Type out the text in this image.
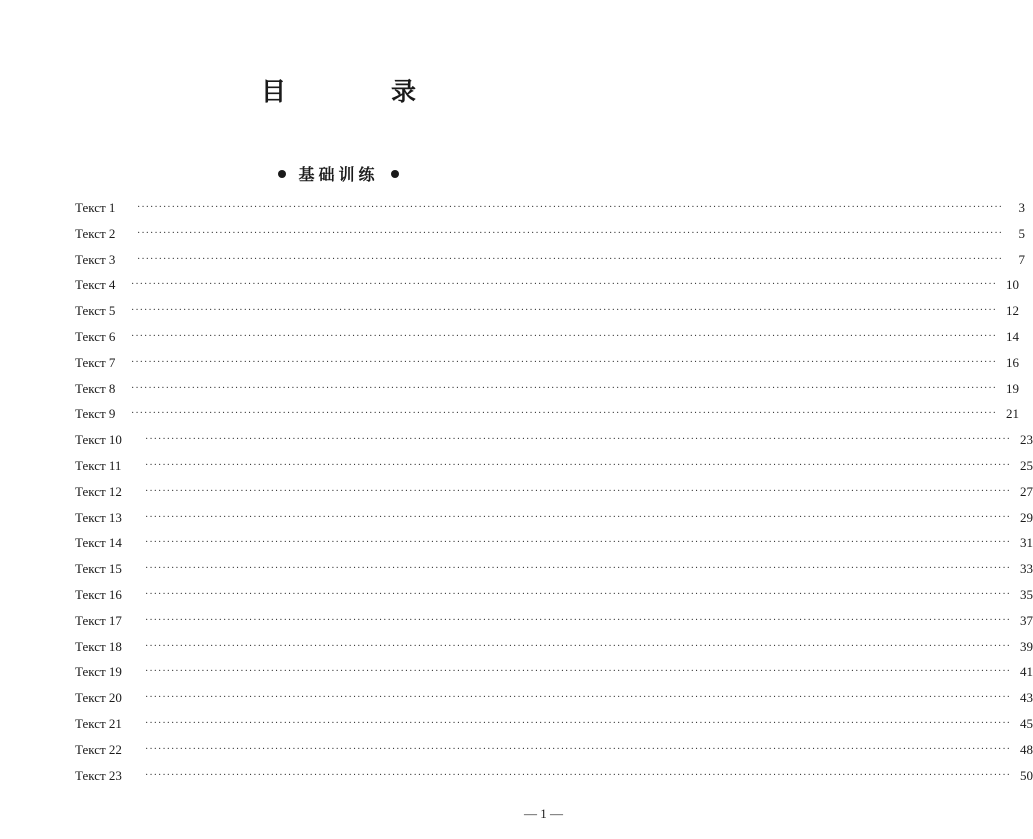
目　录
基础训练
Текст 1	········································································································································································································	3
Текст 2	········································································································································································································	5
Текст 3	········································································································································································································	7
Текст 4	········································································································································································································ 10
Текст 5	········································································································································································································ 12
Текст 6	········································································································································································································ 14
Текст 7	········································································································································································································ 16
Текст 8	········································································································································································································ 19
Текст 9	········································································································································································································ 21
Текст 10	········································································································································································································ 23
Текст 11	········································································································································································································ 25
Текст 12	········································································································································································································ 27
Текст 13	········································································································································································································ 29
Текст 14	········································································································································································································ 31
Текст 15	········································································································································································································ 33
Текст 16	········································································································································································································ 35
Текст 17	········································································································································································································ 37
Текст 18	········································································································································································································ 39
Текст 19	········································································································································································································ 41
Текст 20	········································································································································································································ 43
Текст 21	········································································································································································································ 45
Текст 22	········································································································································································································ 48
Текст 23	········································································································································································································ 50
— 1 —
